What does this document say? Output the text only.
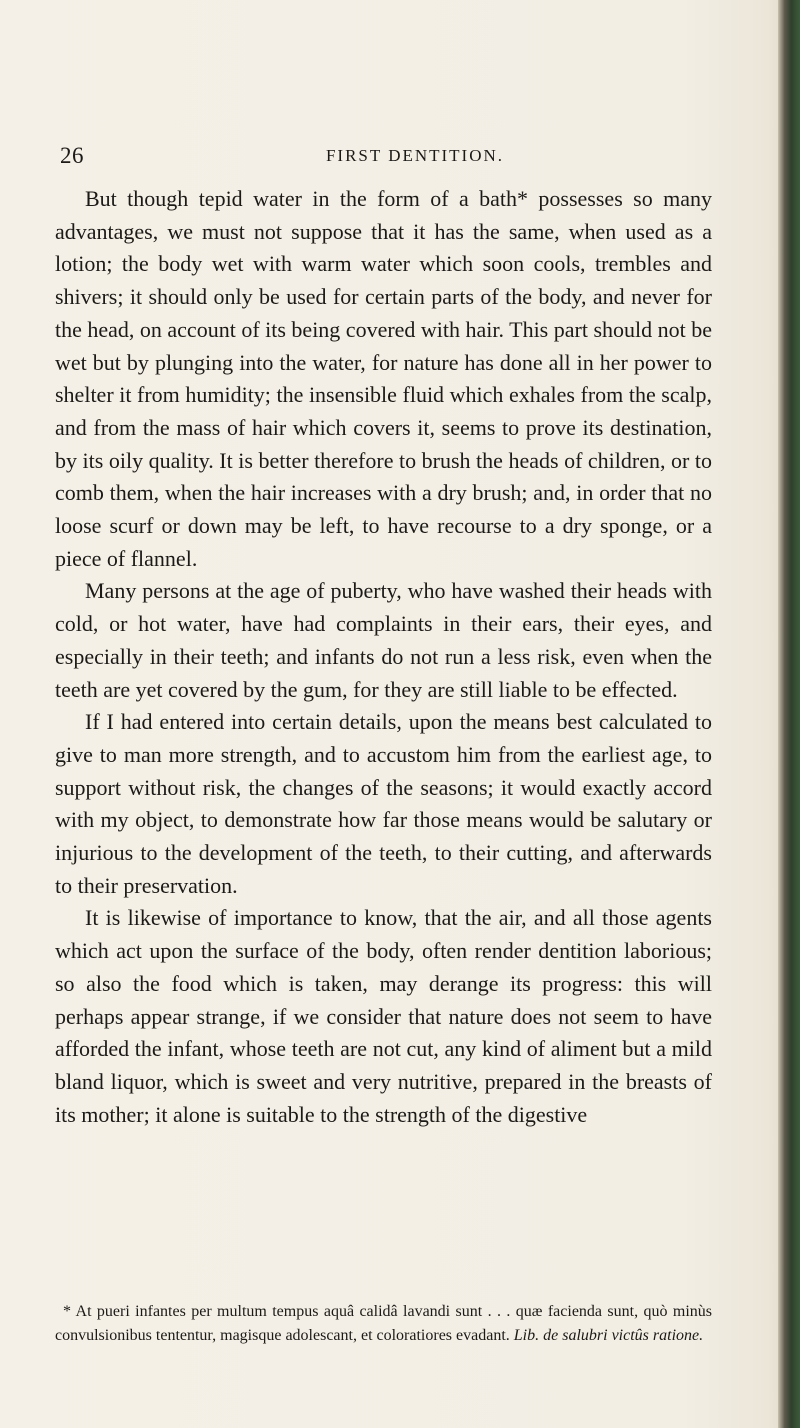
26	FIRST DENTITION.

But though tepid water in the form of a bath* possesses so many advantages, we must not suppose that it has the same, when used as a lotion; the body wet with warm water which soon cools, trembles and shivers; it should only be used for certain parts of the body, and never for the head, on account of its being covered with hair. This part should not be wet but by plunging into the water, for nature has done all in her power to shelter it from humidity; the insensible fluid which exhales from the scalp, and from the mass of hair which covers it, seems to prove its destination, by its oily quality. It is better therefore to brush the heads of children, or to comb them, when the hair increases with a dry brush; and, in order that no loose scurf or down may be left, to have recourse to a dry sponge, or a piece of flannel.

Many persons at the age of puberty, who have washed their heads with cold, or hot water, have had complaints in their ears, their eyes, and especially in their teeth; and infants do not run a less risk, even when the teeth are yet covered by the gum, for they are still liable to be effected.

If I had entered into certain details, upon the means best calculated to give to man more strength, and to accustom him from the earliest age, to support without risk, the changes of the seasons; it would exactly accord with my object, to demonstrate how far those means would be salutary or injurious to the development of the teeth, to their cutting, and afterwards to their preservation.

It is likewise of importance to know, that the air, and all those agents which act upon the surface of the body, often render dentition laborious; so also the food which is taken, may derange its progress: this will perhaps appear strange, if we consider that nature does not seem to have afforded the infant, whose teeth are not cut, any kind of aliment but a mild bland liquor, which is sweet and very nutritive, prepared in the breasts of its mother; it alone is suitable to the strength of the digestive

* At pueri infantes per multum tempus aquâ calidâ lavandi sunt . . . quæ facienda sunt, quò minùs convulsionibus tententur, magisque adolescant, et coloratiores evadant. Lib. de salubri victûs ratione.
